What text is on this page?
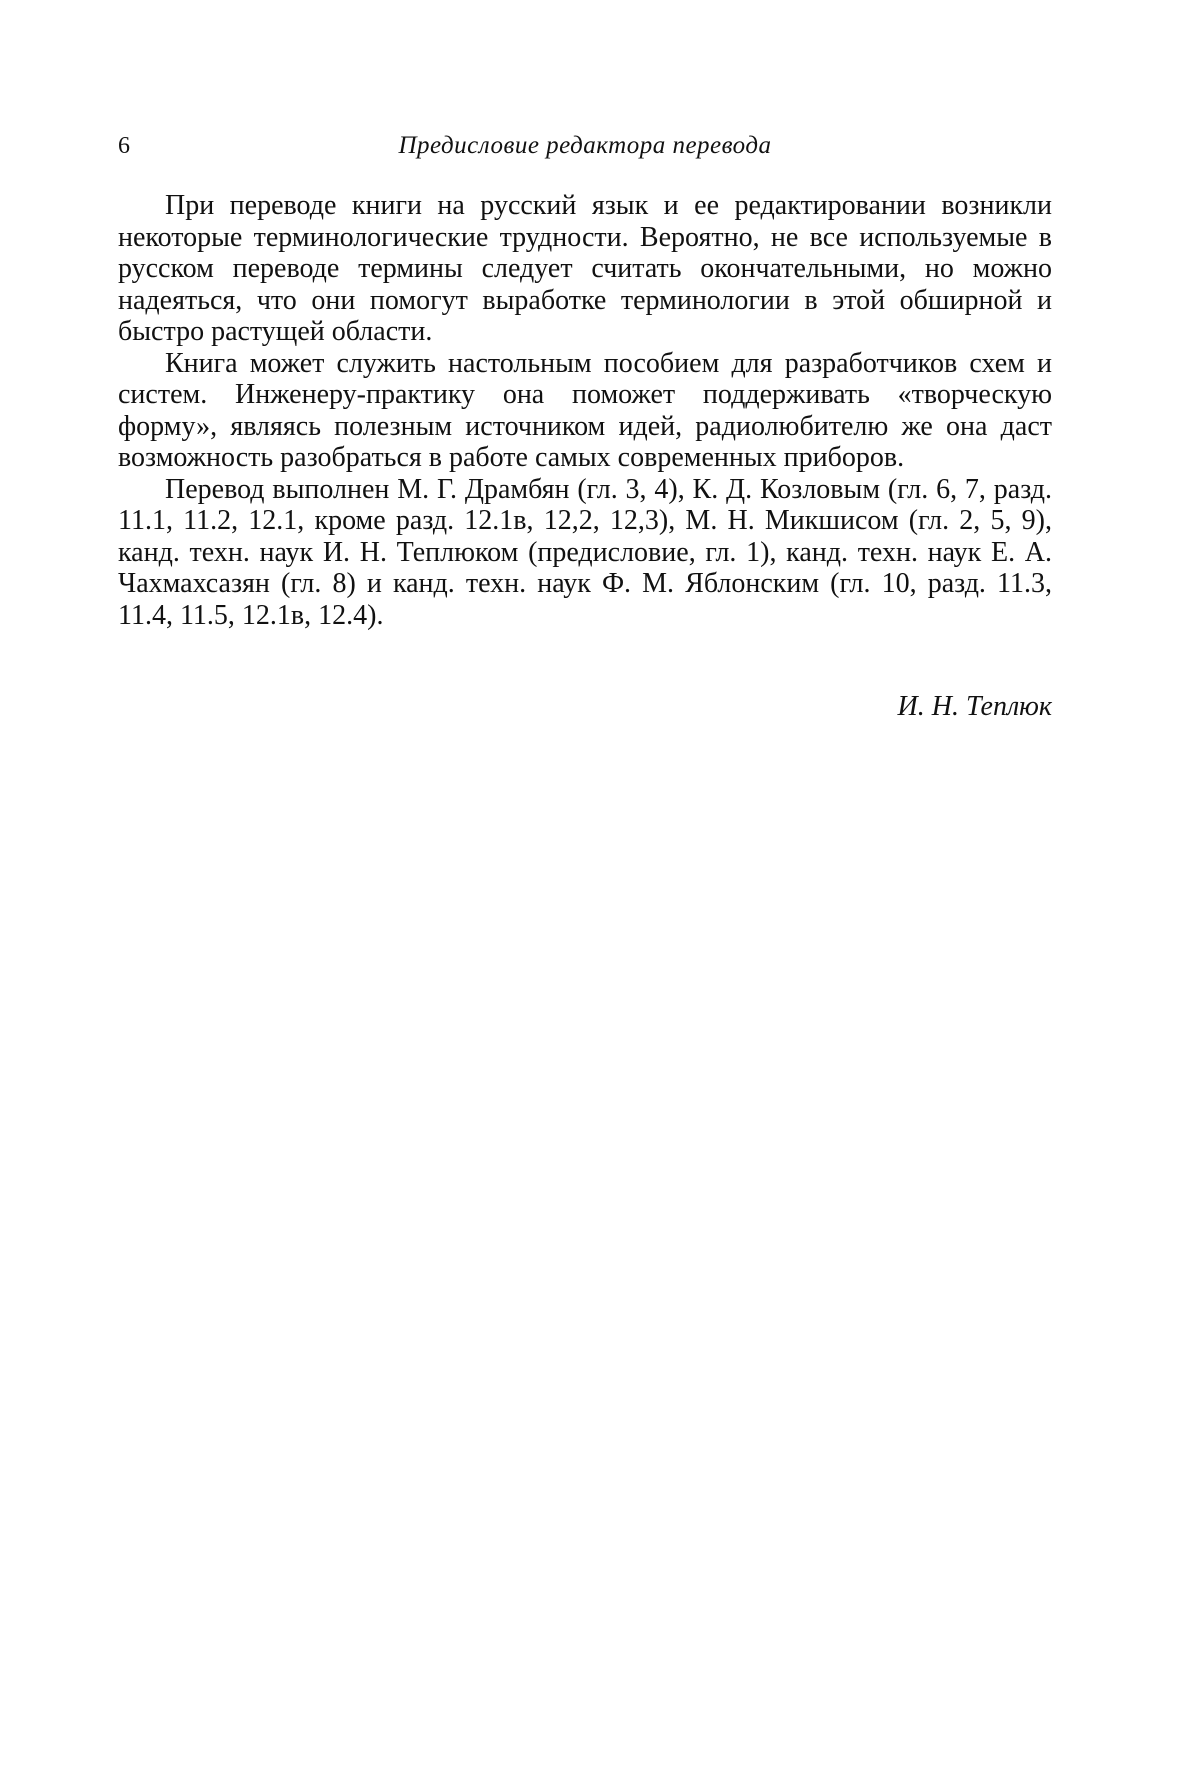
6	Предисловие редактора перевода

При переводе книги на русский язык и ее редактировании возникли некоторые терминологические трудности. Вероятно, не все используемые в русском переводе термины следует считать окончательными, но можно надеяться, что они помогут выработке терминологии в этой обширной и быстро растущей области.

Книга может служить настольным пособием для разработчиков схем и систем. Инженеру-практику она поможет поддерживать «творческую форму», являясь полезным источником идей, радиолюбителю же она даст возможность разобраться в работе самых современных приборов.

Перевод выполнен М. Г. Драмбян (гл. 3, 4), К. Д. Козловым (гл. 6, 7, разд. 11.1, 11.2, 12.1, кроме разд. 12.1в, 12,2, 12,3), М. Н. Микшисом (гл. 2, 5, 9), канд. техн. наук И. Н. Теплюком (предисловие, гл. 1), канд. техн. наук Е. А. Чахмахсазян (гл. 8) и канд. техн. наук Ф. М. Яблонским (гл. 10, разд. 11.3, 11.4, 11.5, 12.1в, 12.4).

И. Н. Теплюк
